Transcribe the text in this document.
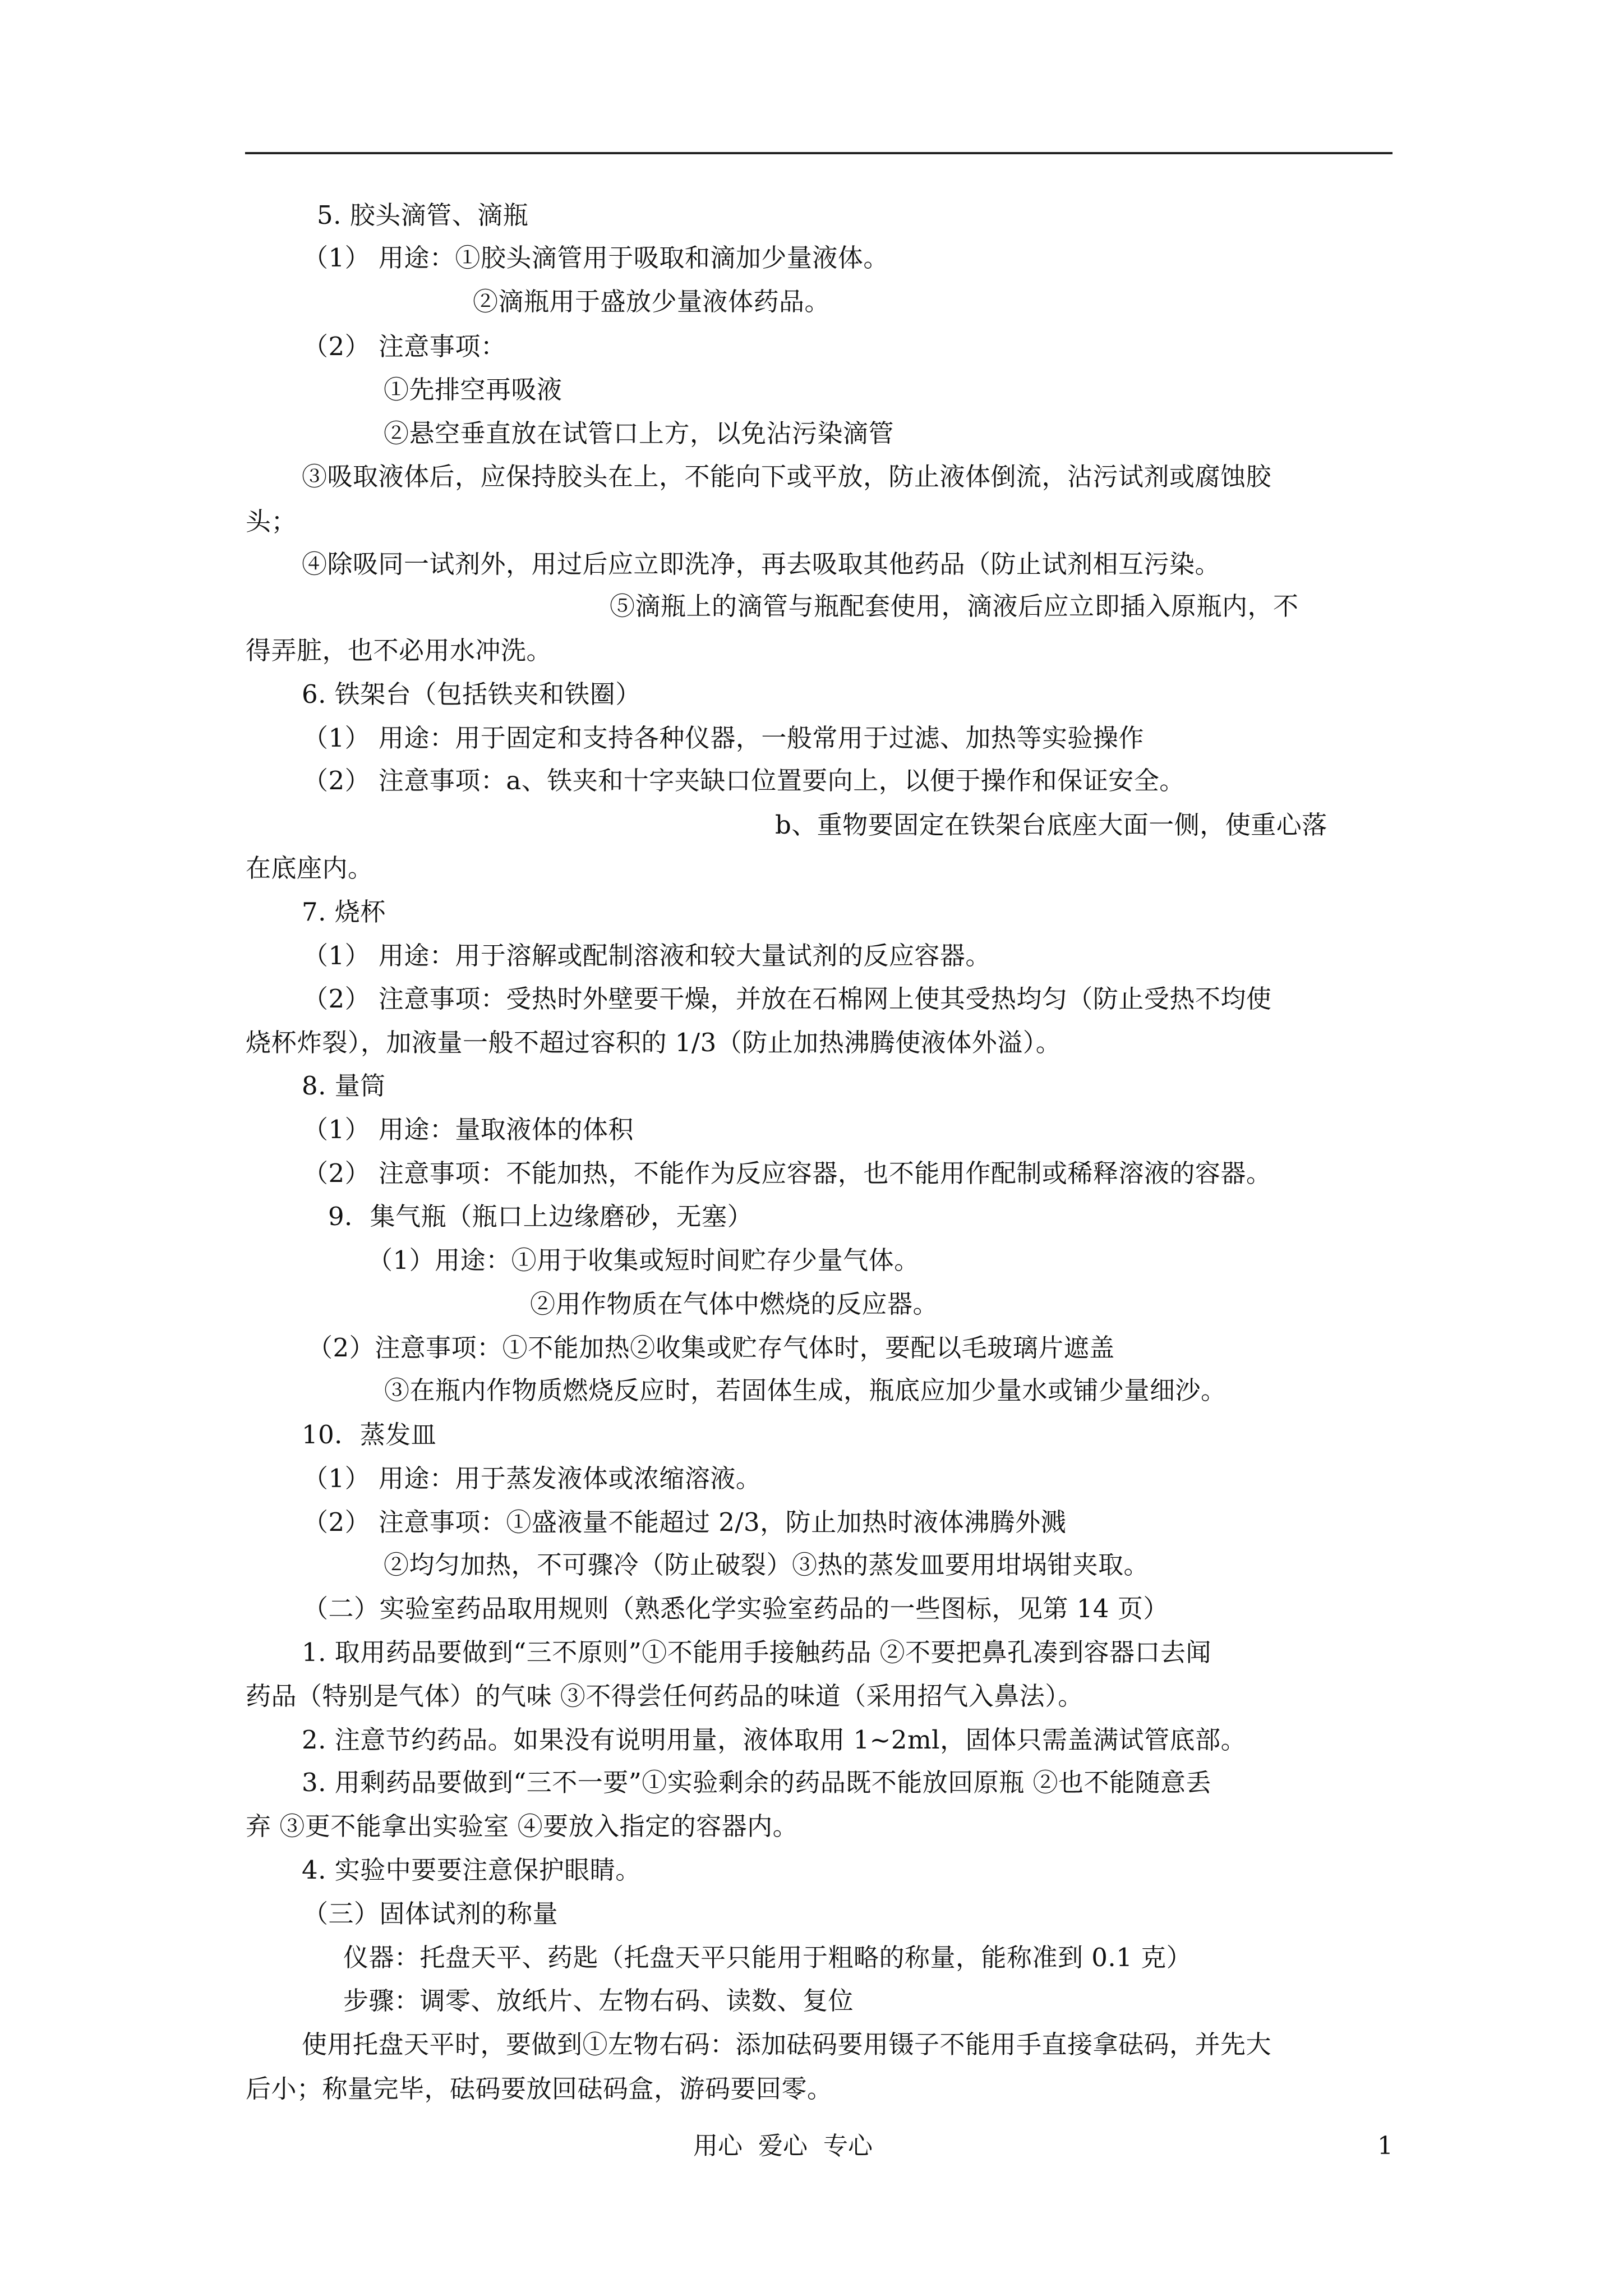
5. 胶头滴管、滴瓶
（1） 用途：①胶头滴管用于吸取和滴加少量液体。
②滴瓶用于盛放少量液体药品。
（2） 注意事项：
①先排空再吸液
②悬空垂直放在试管口上方，以免沾污染滴管
③吸取液体后，应保持胶头在上，不能向下或平放，防止液体倒流，沾污试剂或腐蚀胶
头；
④除吸同一试剂外，用过后应立即洗净，再去吸取其他药品（防止试剂相互污染。
⑤滴瓶上的滴管与瓶配套使用，滴液后应立即插入原瓶内，不
得弄脏，也不必用水冲洗。
6. 铁架台（包括铁夹和铁圈）
（1） 用途：用于固定和支持各种仪器，一般常用于过滤、加热等实验操作
（2） 注意事项：a、铁夹和十字夹缺口位置要向上，以便于操作和保证安全。
b、重物要固定在铁架台底座大面一侧，使重心落
在底座内。
7. 烧杯
（1） 用途：用于溶解或配制溶液和较大量试剂的反应容器。
（2） 注意事项：受热时外壁要干燥，并放在石棉网上使其受热均匀（防止受热不均使
烧杯炸裂），加液量一般不超过容积的 1/3（防止加热沸腾使液体外溢）。
8. 量筒
（1） 用途：量取液体的体积
（2） 注意事项：不能加热，不能作为反应容器，也不能用作配制或稀释溶液的容器。
9．集气瓶（瓶口上边缘磨砂，无塞）
（1）用途：①用于收集或短时间贮存少量气体。
②用作物质在气体中燃烧的反应器。
（2）注意事项：①不能加热②收集或贮存气体时，要配以毛玻璃片遮盖
③在瓶内作物质燃烧反应时，若固体生成，瓶底应加少量水或铺少量细沙。
10．蒸发皿
（1） 用途：用于蒸发液体或浓缩溶液。
（2） 注意事项：①盛液量不能超过 2/3，防止加热时液体沸腾外溅
②均匀加热，不可骤冷（防止破裂）③热的蒸发皿要用坩埚钳夹取。
（二）实验室药品取用规则（熟悉化学实验室药品的一些图标，见第 14 页）
1. 取用药品要做到“三不原则”①不能用手接触药品 ②不要把鼻孔凑到容器口去闻
药品（特别是气体）的气味 ③不得尝任何药品的味道（采用招气入鼻法）。
2. 注意节约药品。如果没有说明用量，液体取用 1~2ml，固体只需盖满试管底部。
3. 用剩药品要做到“三不一要”①实验剩余的药品既不能放回原瓶 ②也不能随意丢
弃 ③更不能拿出实验室 ④要放入指定的容器内。
4. 实验中要要注意保护眼睛。
（三）固体试剂的称量
仪器：托盘天平、药匙（托盘天平只能用于粗略的称量，能称准到 0.1 克）
步骤：调零、放纸片、左物右码、读数、复位
使用托盘天平时，要做到①左物右码：添加砝码要用镊子不能用手直接拿砝码，并先大
后小；称量完毕，砝码要放回砝码盒，游码要回零。
用心  爱心  专心	1
